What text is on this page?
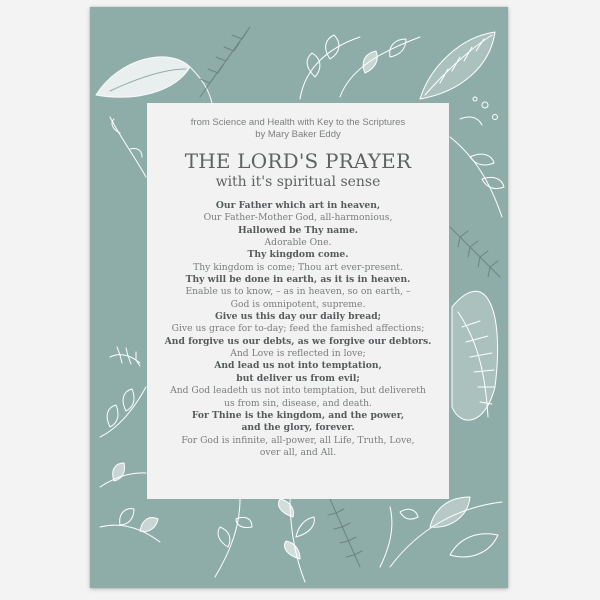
from Science and Health with Key to the Scriptures
by Mary Baker Eddy
THE LORD'S PRAYER
with it's spiritual sense
Our Father which art in heaven,
Our Father-Mother God, all-harmonious,
Hallowed be Thy name.
Adorable One.
Thy kingdom come.
Thy kingdom is come; Thou art ever-present.
Thy will be done in earth, as it is in heaven.
Enable us to know, – as in heaven, so on earth, –
God is omnipotent, supreme.
Give us this day our daily bread;
Give us grace for to-day; feed the famished affections;
And forgive us our debts, as we forgive our debtors.
And Love is reflected in love;
And lead us not into temptation,
but deliver us from evil;
And God leadeth us not into temptation, but delivereth
us from sin, disease, and death.
For Thine is the kingdom, and the power,
and the glory, forever.
For God is infinite, all-power, all Life, Truth, Love,
over all, and All.
